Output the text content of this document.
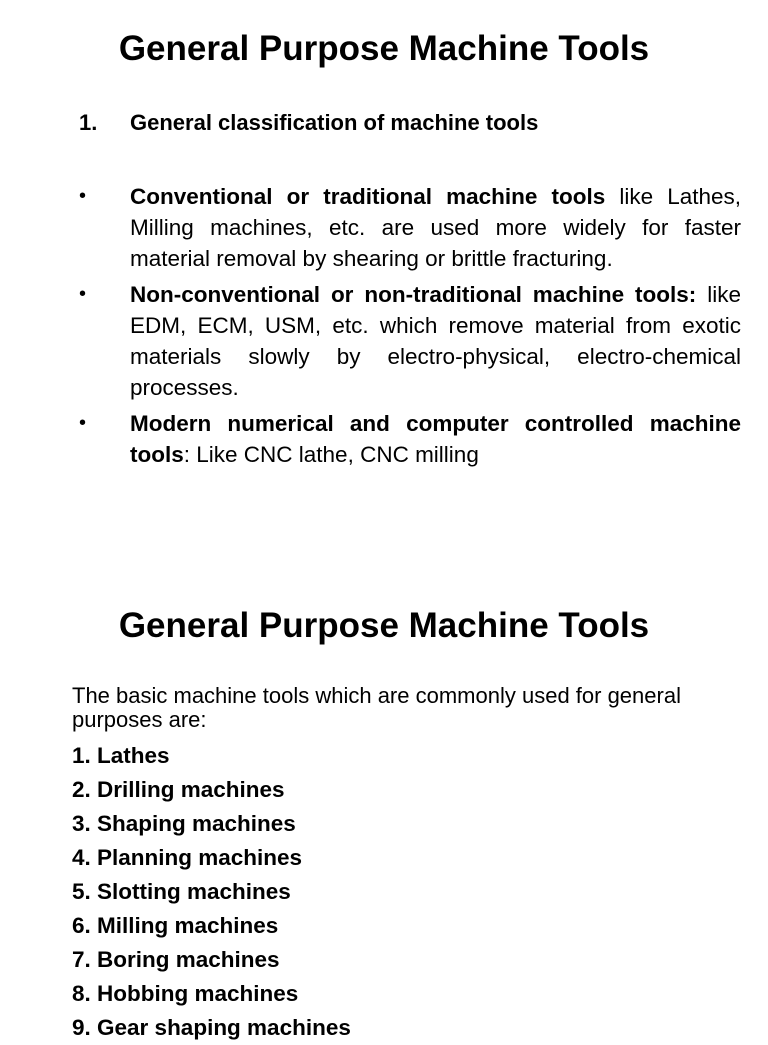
General Purpose Machine Tools
1. General classification of machine tools
• Conventional or traditional machine tools like Lathes, Milling machines, etc. are used more widely for faster material removal by shearing or brittle fracturing.
• Non-conventional or non-traditional machine tools: like EDM, ECM, USM, etc. which remove material from exotic materials slowly by electro-physical, electro-chemical processes.
• Modern numerical and computer controlled machine tools: Like CNC lathe, CNC milling
General Purpose Machine Tools

The basic machine tools which are commonly used for general purposes are:

1. Lathes
2. Drilling machines
3. Shaping machines
4. Planning machines
5. Slotting machines
6. Milling machines
7. Boring machines
8. Hobbing machines
9. Gear shaping machines
